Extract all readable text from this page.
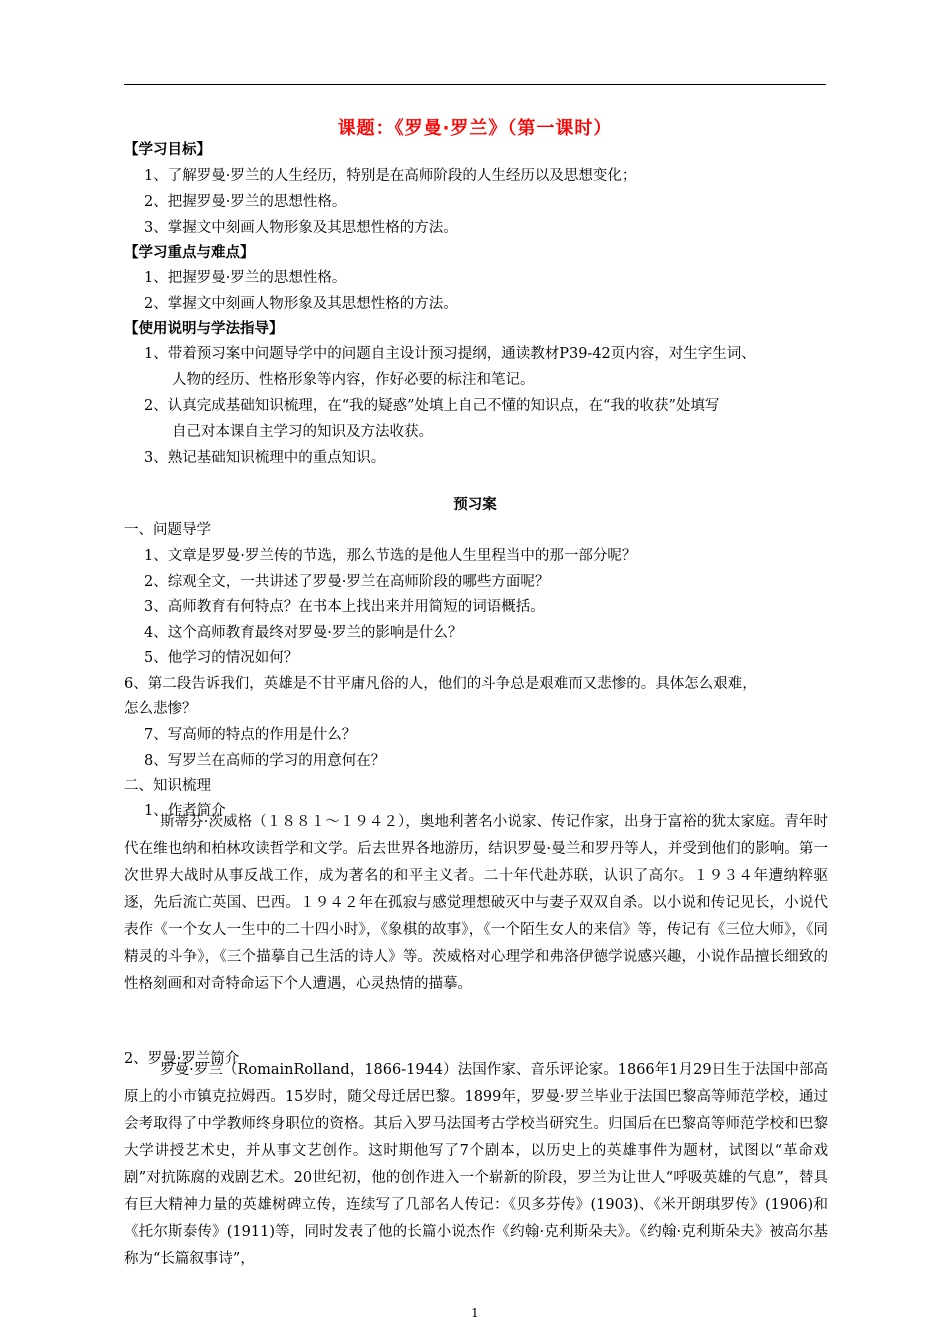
课题：《罗曼·罗兰》（第一课时）
【学习目标】
1、了解罗曼·罗兰的人生经历，特别是在高师阶段的人生经历以及思想变化；
2、把握罗曼·罗兰的思想性格。
3、掌握文中刻画人物形象及其思想性格的方法。
【学习重点与难点】
1、把握罗曼·罗兰的思想性格。
2、掌握文中刻画人物形象及其思想性格的方法。
【使用说明与学法指导】
1、带着预习案中问题导学中的问题自主设计预习提纲，通读教材P39-42页内容，对生字生词、
人物的经历、性格形象等内容，作好必要的标注和笔记。
2、认真完成基础知识梳理，在“我的疑惑”处填上自己不懂的知识点，在“我的收获”处填写
自己对本课自主学习的知识及方法收获。
3、熟记基础知识梳理中的重点知识。
预习案
一、问题导学
1、文章是罗曼·罗兰传的节选，那么节选的是他人生里程当中的那一部分呢？
2、综观全文，一共讲述了罗曼·罗兰在高师阶段的哪些方面呢？
3、高师教育有何特点？在书本上找出来并用简短的词语概括。
4、这个高师教育最终对罗曼·罗兰的影响是什么？
5、他学习的情况如何？
6、第二段告诉我们，英雄是不甘平庸凡俗的人，他们的斗争总是艰难而又悲惨的。具体怎么艰难，
怎么悲惨？
7、写高师的特点的作用是什么？
8、写罗兰在高师的学习的用意何在？
二、知识梳理
1、作者简介
斯蒂芬·茨威格（１８８１～１９４２），奥地利著名小说家、传记作家，出身于富裕的犹太家庭。青年时代在维也纳和柏林攻读哲学和文学。后去世界各地游历，结识罗曼·曼兰和罗丹等人，并受到他们的影响。第一次世界大战时从事反战工作，成为著名的和平主义者。二十年代赴苏联，认识了高尔。１９３４年遭纳粹驱逐，先后流亡英国、巴西。１９４２年在孤寂与感觉理想破灭中与妻子双双自杀。以小说和传记见长，小说代表作《一个女人一生中的二十四小时》，《象棋的故事》，《一个陌生女人的来信》等，传记有《三位大师》，《同精灵的斗争》，《三个描摹自己生活的诗人》等。茨威格对心理学和弗洛伊德学说感兴趣，小说作品擅长细致的性格刻画和对奇特命运下个人遭遇，心灵热情的描摹。
2、罗曼·罗兰简介
罗曼·罗兰（RomainRolland，1866-1944）法国作家、音乐评论家。1866年1月29日生于法国中部高原上的小市镇克拉姆西。15岁时，随父母迁居巴黎。1899年，罗曼·罗兰毕业于法国巴黎高等师范学校，通过会考取得了中学教师终身职位的资格。其后入罗马法国考古学校当研究生。归国后在巴黎高等师范学校和巴黎大学讲授艺术史，并从事文艺创作。这时期他写了7个剧本，以历史上的英雄事件为题材，试图以“革命戏剧”对抗陈腐的戏剧艺术。20世纪初，他的创作进入一个崭新的阶段，罗兰为让世人“呼吸英雄的气息”，替具有巨大精神力量的英雄树碑立传，连续写了几部名人传记：《贝多芬传》(1903)、《米开朗琪罗传》(1906)和《托尔斯泰传》(1911)等，同时发表了他的长篇小说杰作《约翰·克利斯朵夫》。《约翰·克利斯朵夫》被高尔基称为“长篇叙事诗”，
1
